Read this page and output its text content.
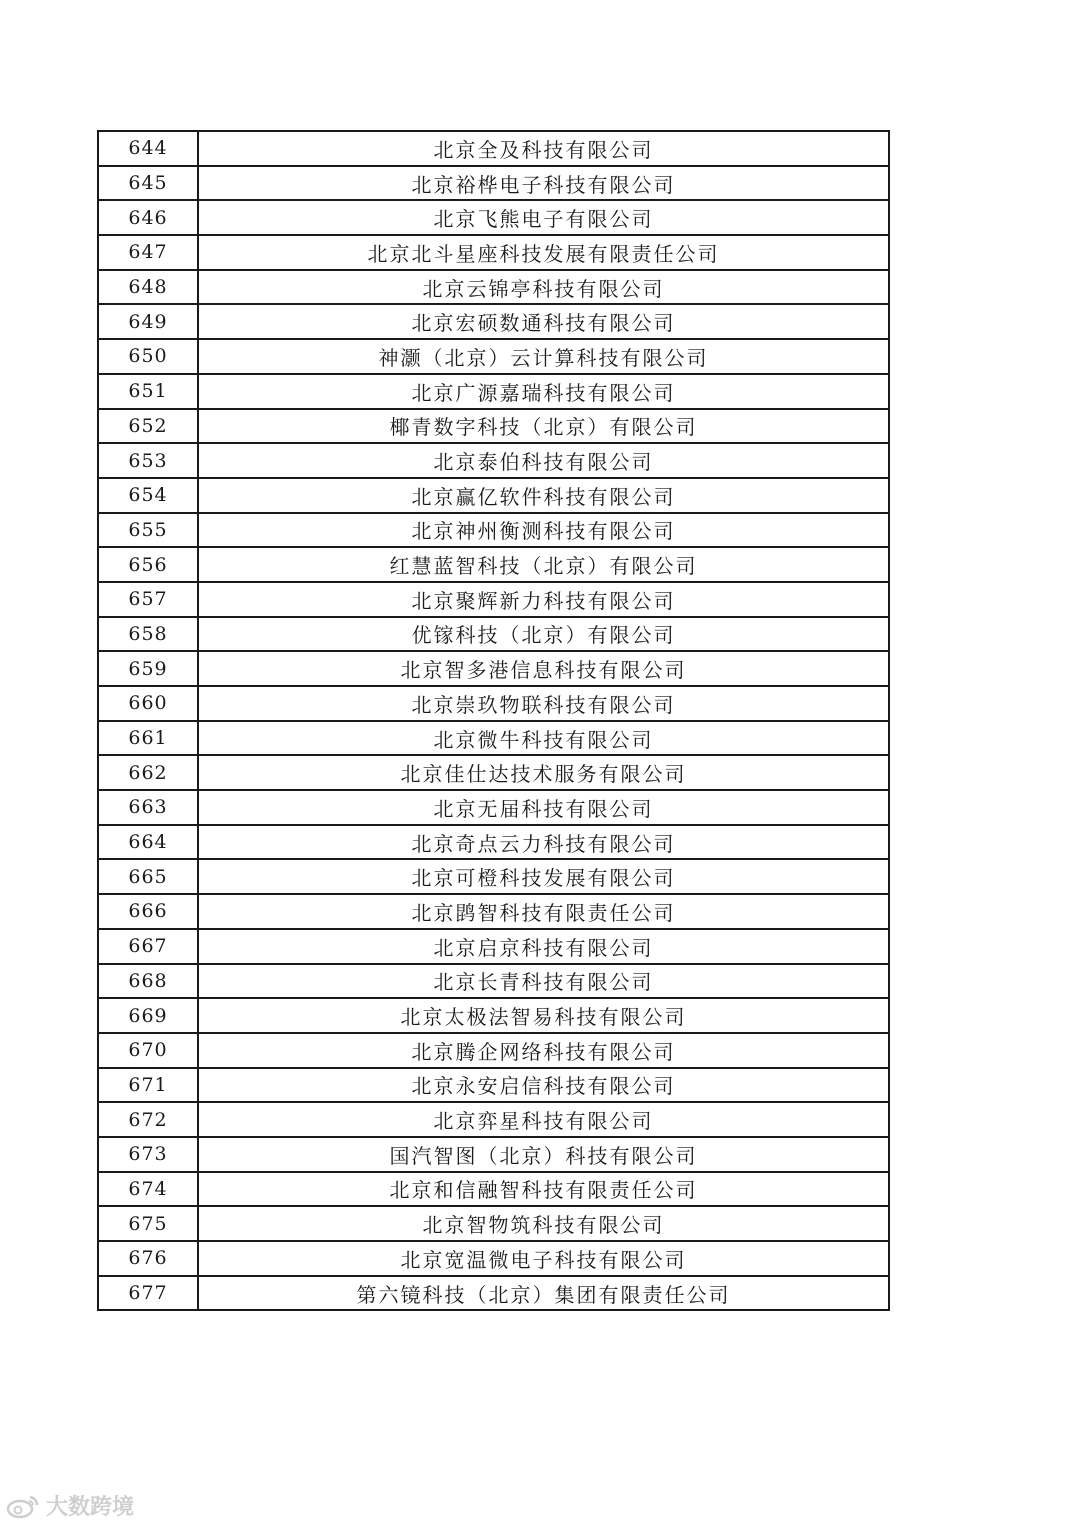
644	北京全及科技有限公司
645	北京裕桦电子科技有限公司
646	北京飞熊电子有限公司
647	北京北斗星座科技发展有限责任公司
648	北京云锦亭科技有限公司
649	北京宏硕数通科技有限公司
650	神灏（北京）云计算科技有限公司
651	北京广源嘉瑞科技有限公司
652	椰青数字科技（北京）有限公司
653	北京泰伯科技有限公司
654	北京赢亿软件科技有限公司
655	北京神州衡测科技有限公司
656	红慧蓝智科技（北京）有限公司
657	北京聚辉新力科技有限公司
658	优镓科技（北京）有限公司
659	北京智多港信息科技有限公司
660	北京崇玖物联科技有限公司
661	北京微牛科技有限公司
662	北京佳仕达技术服务有限公司
663	北京无届科技有限公司
664	北京奇点云力科技有限公司
665	北京可橙科技发展有限公司
666	北京鹍智科技有限责任公司
667	北京启京科技有限公司
668	北京长青科技有限公司
669	北京太极法智易科技有限公司
670	北京腾企网络科技有限公司
671	北京永安启信科技有限公司
672	北京弈星科技有限公司
673	国汽智图（北京）科技有限公司
674	北京和信融智科技有限责任公司
675	北京智物筑科技有限公司
676	北京宽温微电子科技有限公司
677	第六镜科技（北京）集团有限责任公司
大数跨境
